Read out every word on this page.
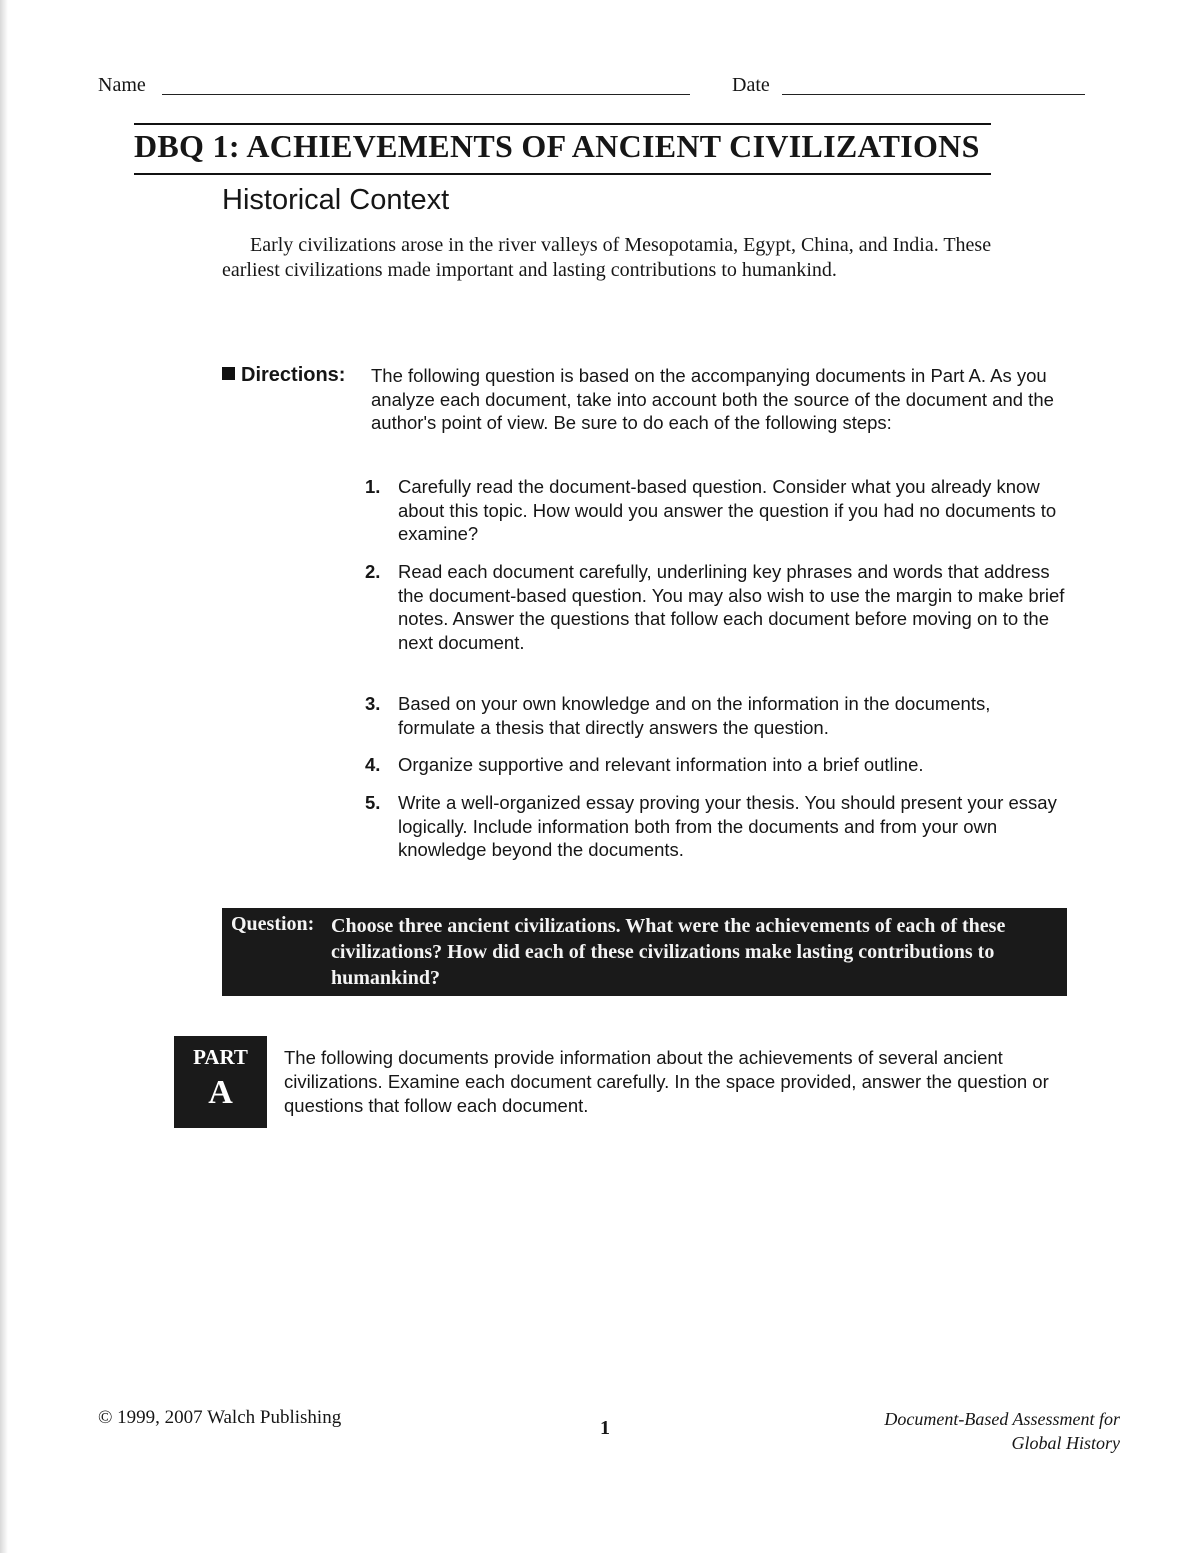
Name	Date
DBQ 1: ACHIEVEMENTS OF ANCIENT CIVILIZATIONS
Historical Context
Early civilizations arose in the river valleys of Mesopotamia, Egypt, China, and India. These earliest civilizations made important and lasting contributions to humankind.
Directions: The following question is based on the accompanying documents in Part A. As you analyze each document, take into account both the source of the document and the author's point of view. Be sure to do each of the following steps:
1. Carefully read the document-based question. Consider what you already know about this topic. How would you answer the question if you had no documents to examine?
2. Read each document carefully, underlining key phrases and words that address the document-based question. You may also wish to use the margin to make brief notes. Answer the questions that follow each document before moving on to the next document.
3. Based on your own knowledge and on the information in the documents, formulate a thesis that directly answers the question.
4. Organize supportive and relevant information into a brief outline.
5. Write a well-organized essay proving your thesis. You should present your essay logically. Include information both from the documents and from your own knowledge beyond the documents.
Question: Choose three ancient civilizations. What were the achievements of each of these civilizations? How did each of these civilizations make lasting contributions to humankind?
PART
A
The following documents provide information about the achievements of several ancient civilizations. Examine each document carefully. In the space provided, answer the question or questions that follow each document.
© 1999, 2007 Walch Publishing	1	Document-Based Assessment for
Global History
